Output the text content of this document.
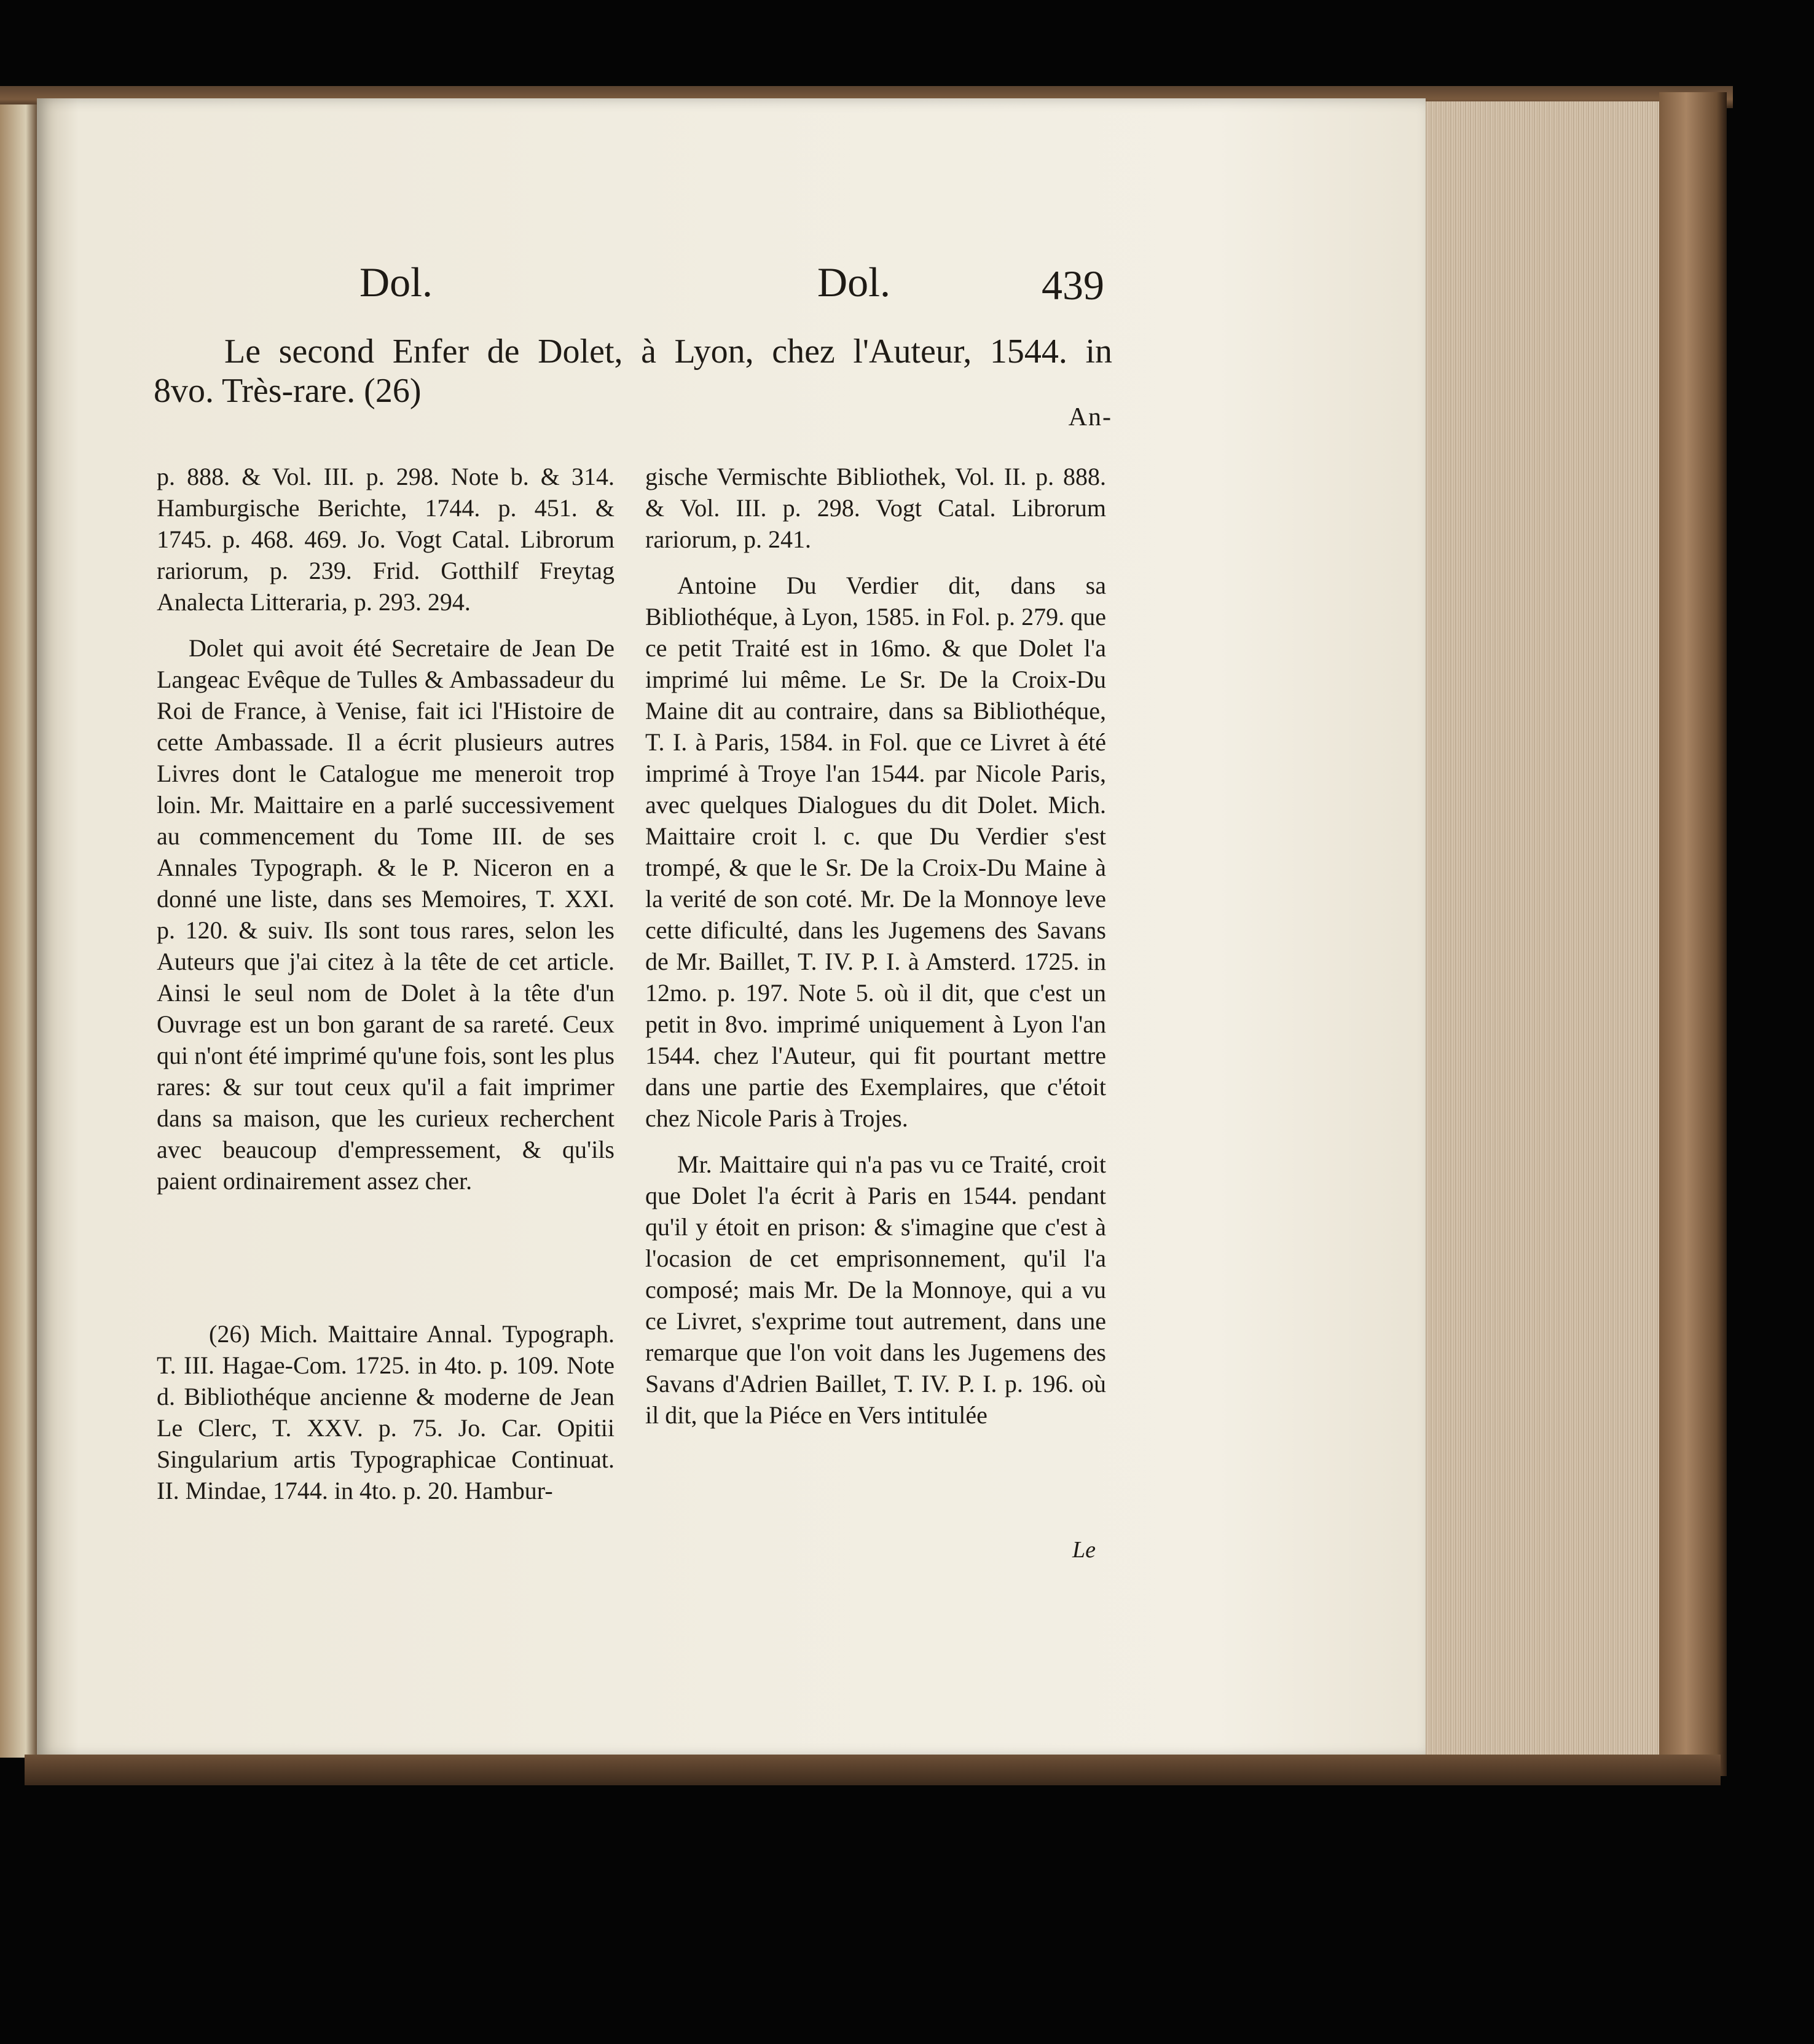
Dol.	Dol.	439
Le second Enfer de Dolet, à Lyon, chez l'Auteur, 1544. in
8vo. Très-rare. (26)
An-

p. 888. & Vol. III. p. 298. Note b. & 314. Hamburgische Berichte, 1744. p. 451. & 1745. p. 468. 469. Jo. Vogt Catal. Librorum rariorum, p. 239. Frid. Gotthilf Freytag Analecta Litteraria, p. 293. 294.

Dolet qui avoit été Secretaire de Jean De Langeac Evêque de Tulles & Ambassadeur du Roi de France, à Venise, fait ici l'Histoire de cette Ambassade. Il a écrit plusieurs autres Livres dont le Catalogue me meneroit trop loin. Mr. Maittaire en a parlé successivement au commencement du Tome III. de ses Annales Typograph. & le P. Niceron en a donné une liste, dans ses Memoires, T. XXI. p. 120. & suiv. Ils sont tous rares, selon les Auteurs que j'ai citez à la tête de cet article. Ainsi le seul nom de Dolet à la tête d'un Ouvrage est un bon garant de sa rareté. Ceux qui n'ont été imprimé qu'une fois, sont les plus rares: & sur tout ceux qu'il a fait imprimer dans sa maison, que les curieux recherchent avec beaucoup d'empressement, & qu'ils paient ordinairement assez cher.

(26) Mich. Maittaire Annal. Typograph. T. III. Hagae-Com. 1725. in 4to. p. 109. Note d. Bibliothéque ancienne & moderne de Jean Le Clerc, T. XXV. p. 75. Jo. Car. Opitii Singularium artis Typographicae Continuat. II. Mindae, 1744. in 4to. p. 20. Hambur-

gische Vermischte Bibliothek, Vol. II. p. 888. & Vol. III. p. 298. Vogt Catal. Librorum rariorum, p. 241.

Antoine Du Verdier dit, dans sa Bibliothéque, à Lyon, 1585. in Fol. p. 279. que ce petit Traité est in 16mo. & que Dolet l'a imprimé lui même. Le Sr. De la Croix-Du Maine dit au contraire, dans sa Bibliothéque, T. I. à Paris, 1584. in Fol. que ce Livret à été imprimé à Troye l'an 1544. par Nicole Paris, avec quelques Dialogues du dit Dolet. Mich. Maittaire croit l. c. que Du Verdier s'est trompé, & que le Sr. De la Croix-Du Maine à la verité de son coté. Mr. De la Monnoye leve cette dificulté, dans les Jugemens des Savans de Mr. Baillet, T. IV. P. I. à Amsterd. 1725. in 12mo. p. 197. Note 5. où il dit, que c'est un petit in 8vo. imprimé uniquement à Lyon l'an 1544. chez l'Auteur, qui fit pourtant mettre dans une partie des Exemplaires, que c'étoit chez Nicole Paris à Trojes.

Mr. Maittaire qui n'a pas vu ce Traité, croit que Dolet l'a écrit à Paris en 1544. pendant qu'il y étoit en prison: & s'imagine que c'est à l'ocasion de cet emprisonnement, qu'il l'a composé; mais Mr. De la Monnoye, qui a vu ce Livret, s'exprime tout autrement, dans une remarque que l'on voit dans les Jugemens des Savans d'Adrien Baillet, T. IV. P. I. p. 196. où il dit, que la Piéce en Vers intitulée

Le
